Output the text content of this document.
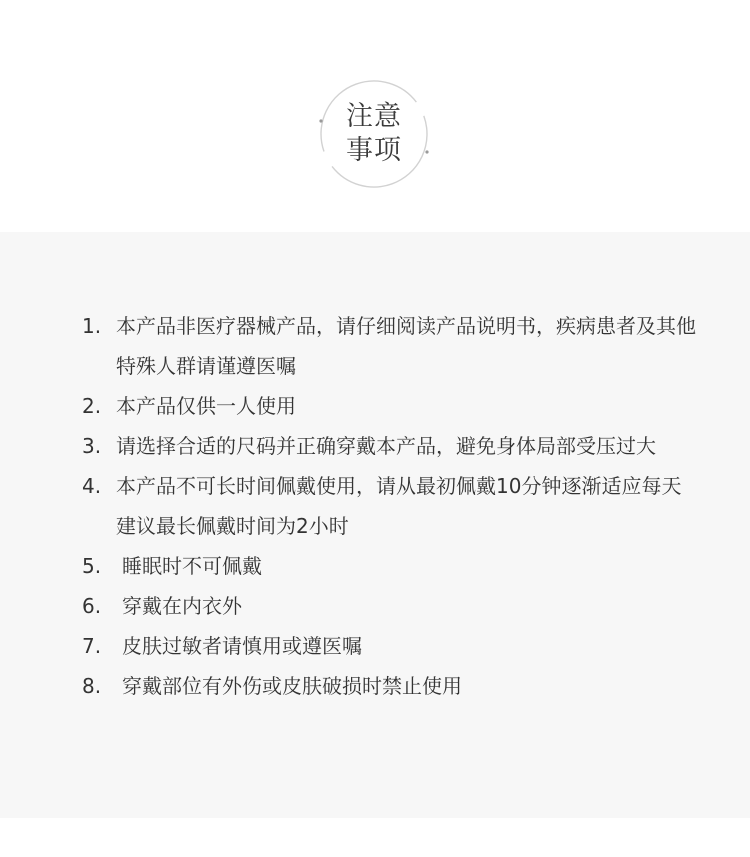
注意
事项
1. 本产品非医疗器械产品，请仔细阅读产品说明书，疾病患者及其他特殊人群请谨遵医嘱
2. 本产品仅供一人使用
3. 请选择合适的尺码并正确穿戴本产品，避免身体局部受压过大
4. 本产品不可长时间佩戴使用，请从最初佩戴10分钟逐渐适应每天建议最长佩戴时间为2小时
5. 睡眠时不可佩戴
6. 穿戴在内衣外
7. 皮肤过敏者请慎用或遵医嘱
8. 穿戴部位有外伤或皮肤破损时禁止使用
